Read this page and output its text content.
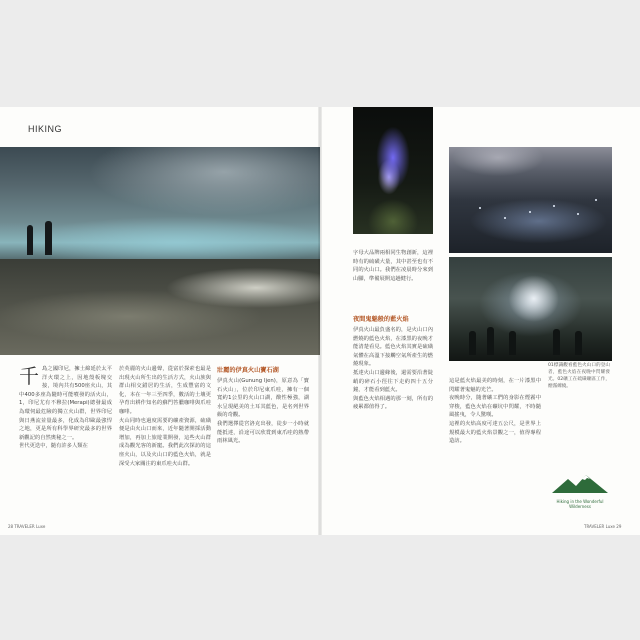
HIKING
千 島之國印尼，擁土綿延於太平洋火環之上，因地殼板塊交接，境內共有500座火山，其中400多座為隨時可能噴發的活火山，1，印尼尤有不穆拉(Merapi)總發最成為環伺最危險的獨立火山群，世界印尼與日燕流並量最多，化成為印歐最強悍之地，更是所有科學界研究最多的世界新觀記的自然奧秘之一。

世代更迭中，隨有許多人類在

於英麗的火山邊聲，從富於探索也最是出現火山所生出的生活方式，火山族與群山相交錯居的生活，生成豐富的文化，本在一年三至四季，數活的土壤更孕育出耕作知名的蘇門答臘咖啡與爪哇咖啡。

火山同時也過度需要的礦產資源，硫磺便是由火山口而來，近年隨著開採活動增加，再加上旅遊業開發，這些火山群成為觀光客的新寵。我們此次探訪的這座火山，以及火山口的藍色火焰，就是深受大家關注的東爪哇火山群。

壯麗的伊真火山寶石湖

伊真火山(Gunung Ijen)，原意為「寶石火山」，位於印尼東爪哇，擁有一個寬約1公里的火山口湖，酸性極強，湖水呈現絕美的土耳其藍色，是名列世界級的奇觀。

我們選擇從宮洛克出發，徒步一小時就能抵達，沿途可以欣賞到東爪哇的熱帶雨林風光。

28 TRAVELER Luxe

字母大品牌兩相同生物創新，這裡時有的硫磺大量，其中甚至也有不同的火山口。我們在凌晨時分來到山腳，準備展開這趟健行。

夜間鬼魅般的藍火焰

伊真火山最負盛名的，是火山口內燃燒的藍色火焰，在漆黑的夜晚才能清楚看見。藍色火焰其實是硫磺氣體在高溫下接觸空氣所產生的燃燒現象。

抵達火山口邊緣後，還需要沿著陡峭的碎石小徑往下走約四十五分鐘，才能看到藍火。

與藍色火焰相遇的那一刻，所有的疲累都值得了。

這是藍火焰最美的時刻，在一片漆黑中閃耀著鬼魅的光芒。

夜晚時分，隨著礦工們的身影在煙霧中穿梭，藍色火焰在礦坑中閃耀，不時隨風搖曳，令人驚嘆。

這裡的火焰高度可達五公尺，是世界上規模最大的藍火焰景觀之一，值得專程造訪。

01標識觀看藍色火山口的登山者，藍色火焰在夜晚中閃耀發光。02礦工在硫磺礦區工作，煙霧繚繞。
Hiking in the Wonderful
Wilderness
TRAVELER Luxe 29
